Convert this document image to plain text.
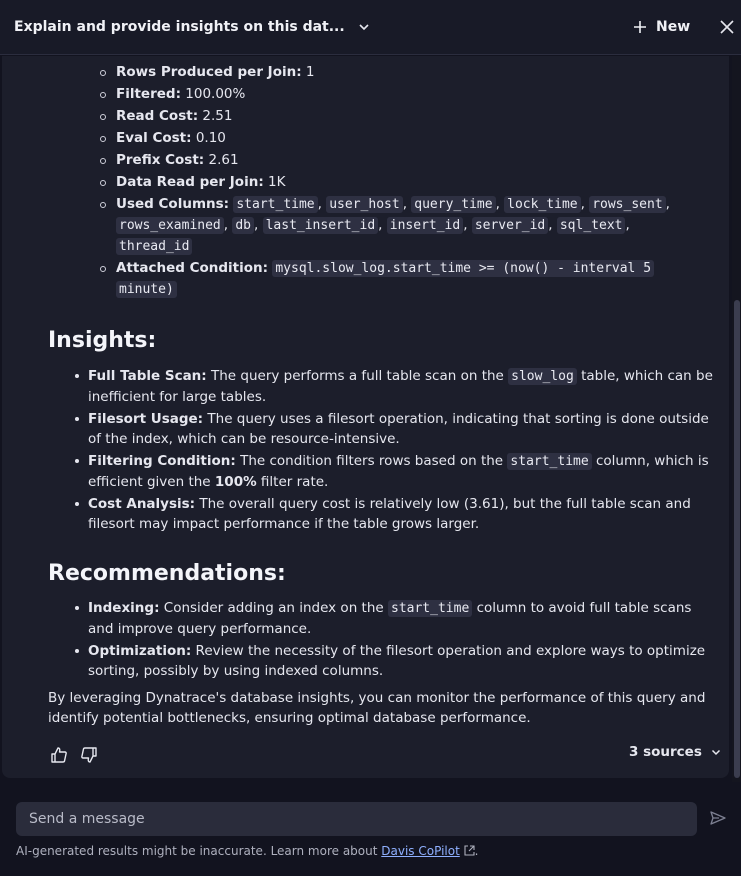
Explain and provide insights on this dat...	New
Rows Produced per Join: 1
Filtered: 100.00%
Read Cost: 2.51
Eval Cost: 0.10
Prefix Cost: 2.61
Data Read per Join: 1K
Used Columns: start_time , user_host , query_time , lock_time , rows_sent , rows_examined , db , last_insert_id , insert_id , server_id , sql_text , thread_id
Attached Condition: mysql.slow_log.start_time >= (now() - interval 5 minute)
Insights:
Full Table Scan: The query performs a full table scan on the slow_log table, which can be inefficient for large tables.
Filesort Usage: The query uses a filesort operation, indicating that sorting is done outside of the index, which can be resource-intensive.
Filtering Condition: The condition filters rows based on the start_time column, which is efficient given the 100% filter rate.
Cost Analysis: The overall query cost is relatively low (3.61), but the full table scan and filesort may impact performance if the table grows larger.
Recommendations:
Indexing: Consider adding an index on the start_time column to avoid full table scans and improve query performance.
Optimization: Review the necessity of the filesort operation and explore ways to optimize sorting, possibly by using indexed columns.

By leveraging Dynatrace's database insights, you can monitor the performance of this query and identify potential bottlenecks, ensuring optimal database performance.

3 sources
Send a message
AI-generated results might be inaccurate. Learn more about Davis CoPilot .
